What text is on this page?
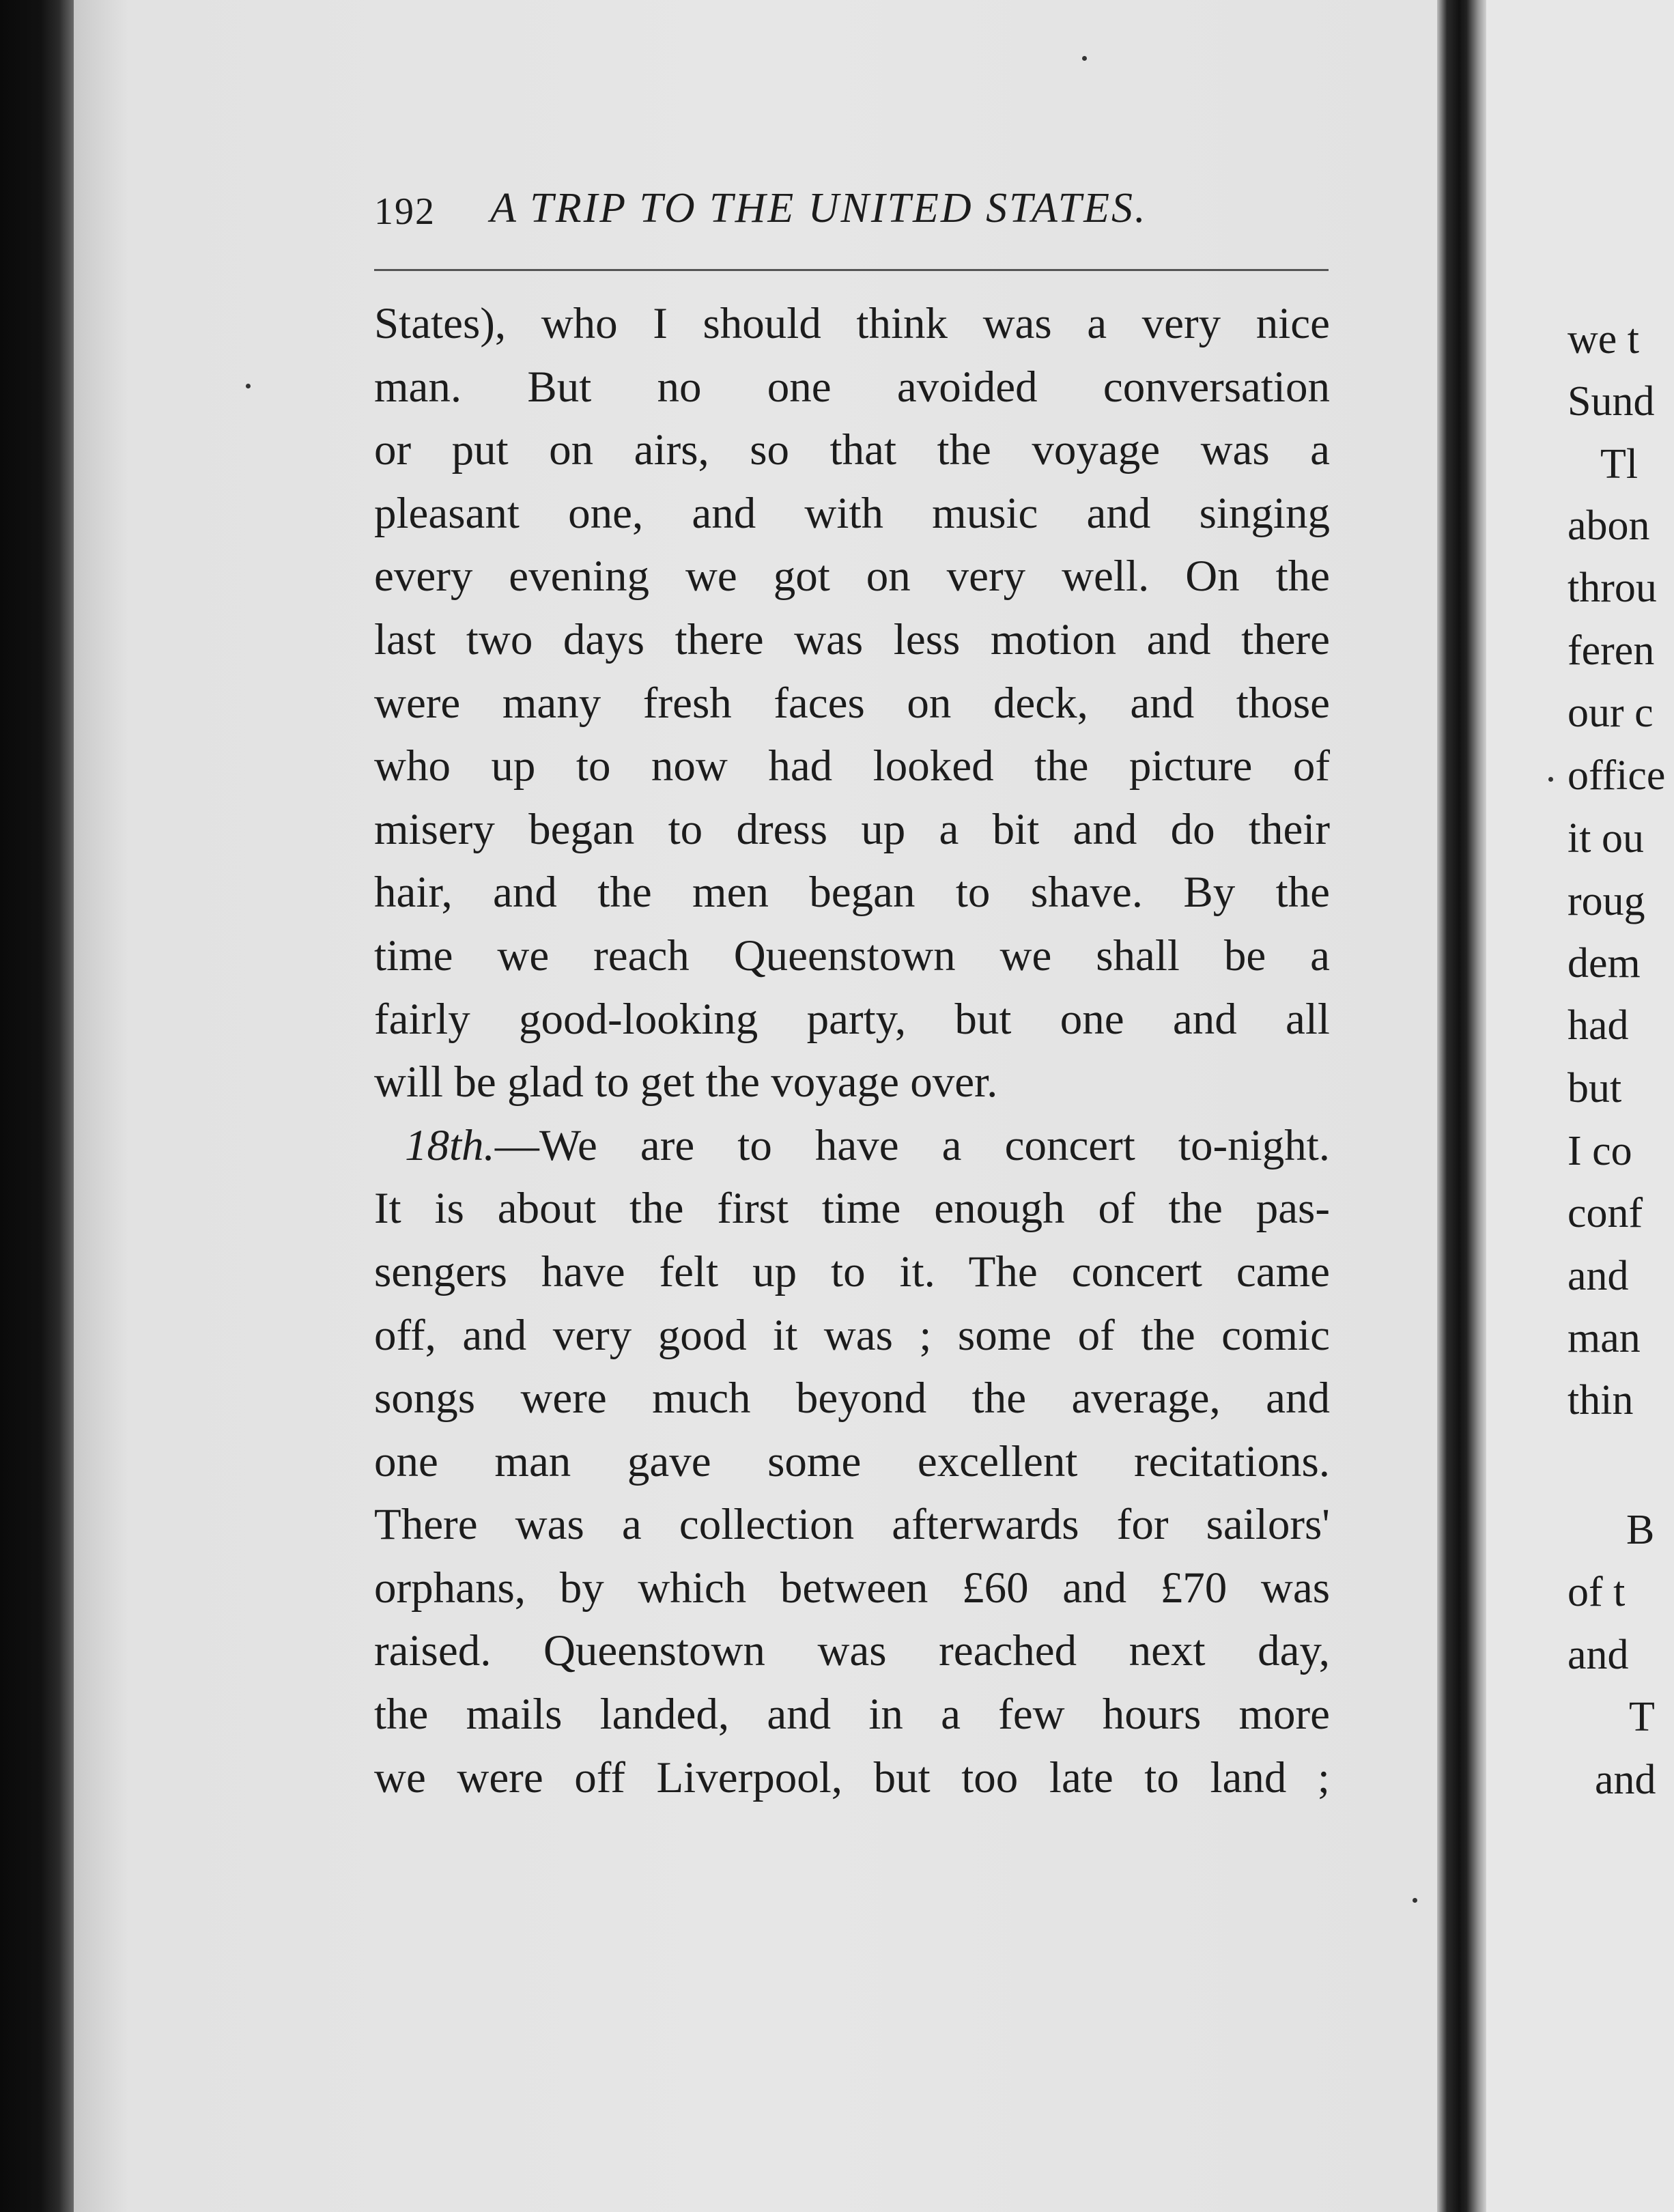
192 A TRIP TO THE UNITED STATES.
States), who I should think was a very nice
man. But no one avoided conversation
or put on airs, so that the voyage was a
pleasant one, and with music and singing
every evening we got on very well. On the
last two days there was less motion and there
were many fresh faces on deck, and those
who up to now had looked the picture of
misery began to dress up a bit and do their
hair, and the men began to shave. By the
time we reach Queenstown we shall be a
fairly good-looking party, but one and all
will be glad to get the voyage over.
18th.—We are to have a concert to-night.
It is about the first time enough of the pas-
sengers have felt up to it. The concert came
off, and very good it was ; some of the comic
songs were much beyond the average, and
one man gave some excellent recitations.
There was a collection afterwards for sailors'
orphans, by which between £60 and £70 was
raised. Queenstown was reached next day,
the mails landed, and in a few hours more
we were off Liverpool, but too late to land ;
we t
Sund
Tl
abon
throu
feren
our c
office
it ou
roug
dem
had
but
I co
conf
and
man
thin
B
of t
and
T
and
